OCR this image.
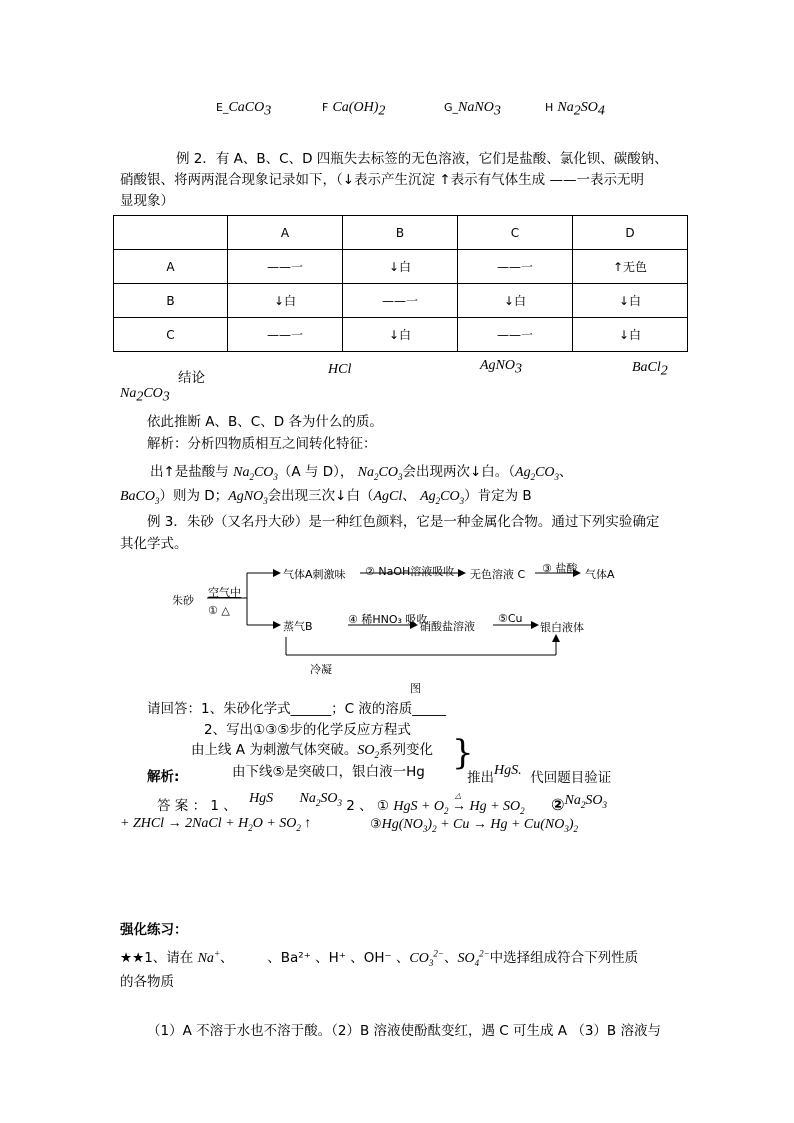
E_CaCO$_3$	F $Ca(OH)_2$	G_NaNO$_3$	H $Na_2SO_4$
例 2．有 A、B、C、D 四瓶失去标签的无色溶液，它们是盐酸、氯化钡、碳酸钠、
硝酸银、将两两混合现象记录如下，（↓表示产生沉淀 ↑表示有气体生成 ——一表示无明
显现象）
	A	B	C	D
A	——一	↓白	——一	↑无色
B	↓白	——一	↓白	↓白
C	——一	↓白	——一	↓白
结论
HCl	AgNO$_3$	BaCl$_2$
$Na_2CO_3$
依此推断 A、B、C、D 各为什么的质。
解析：分析四物质相互之间转化特征：
出↑是盐酸与 $Na_2CO_3(A$ 与 D）， $Na_2CO_3$会出现两次↓白。（$Ag_2CO_3$、
BaCO$_3$）则为 D；AgNO$_3$会出现三次↓白（AgCl、 $Ag_2CO_3$）肯定为 B
例 3．朱砂（又名丹大砂）是一种红色颜料，它是一种金属化合物。通过下列实验确定
其化学式。
朱砂
空气中
① △
气体A刺激味 ② NaOH溶液吸收 无色溶液 C ③ 盐酸 气体A
蒸气B
④ 稀HNO₃ 吸收
硝酸盐溶液
⑤Cu
银白液体
冷凝
图
请回答：1、朱砂化学式______；C 液的溶质_____
2、写出①③⑤步的化学反应方程式
由上线 A 为刺激气体突破。$SO_2$系列变化 }
解析:	由下线⑤是突破口，银白液一Hg	推出HgS. 代回题目验证
答 案 ： 1 、 HgS $Na_2SO_3$ 2 、 ① HgS + $O_2$ →
△
$Hg + SO_2$ $②Na_2SO_3$
+ ZHCl → 2NaCl + $H_2O + SO_2$ ↑	$③Hg(NO_3)_2 + Cu \to Hg + Cu(NO_3)_2$
强化练习：
★★1、请在 Na+、　　　、Ba²⁺ 、H⁺ 、OH⁻ 、$CO_3^{2-}$、$SO_4^{2-}$中选择组成符合下列性质
的各物质
（1）A 不溶于水也不溶于酸。（2）B 溶液使酚酞变红，遇 C 可生成 A （3）B 溶液与
